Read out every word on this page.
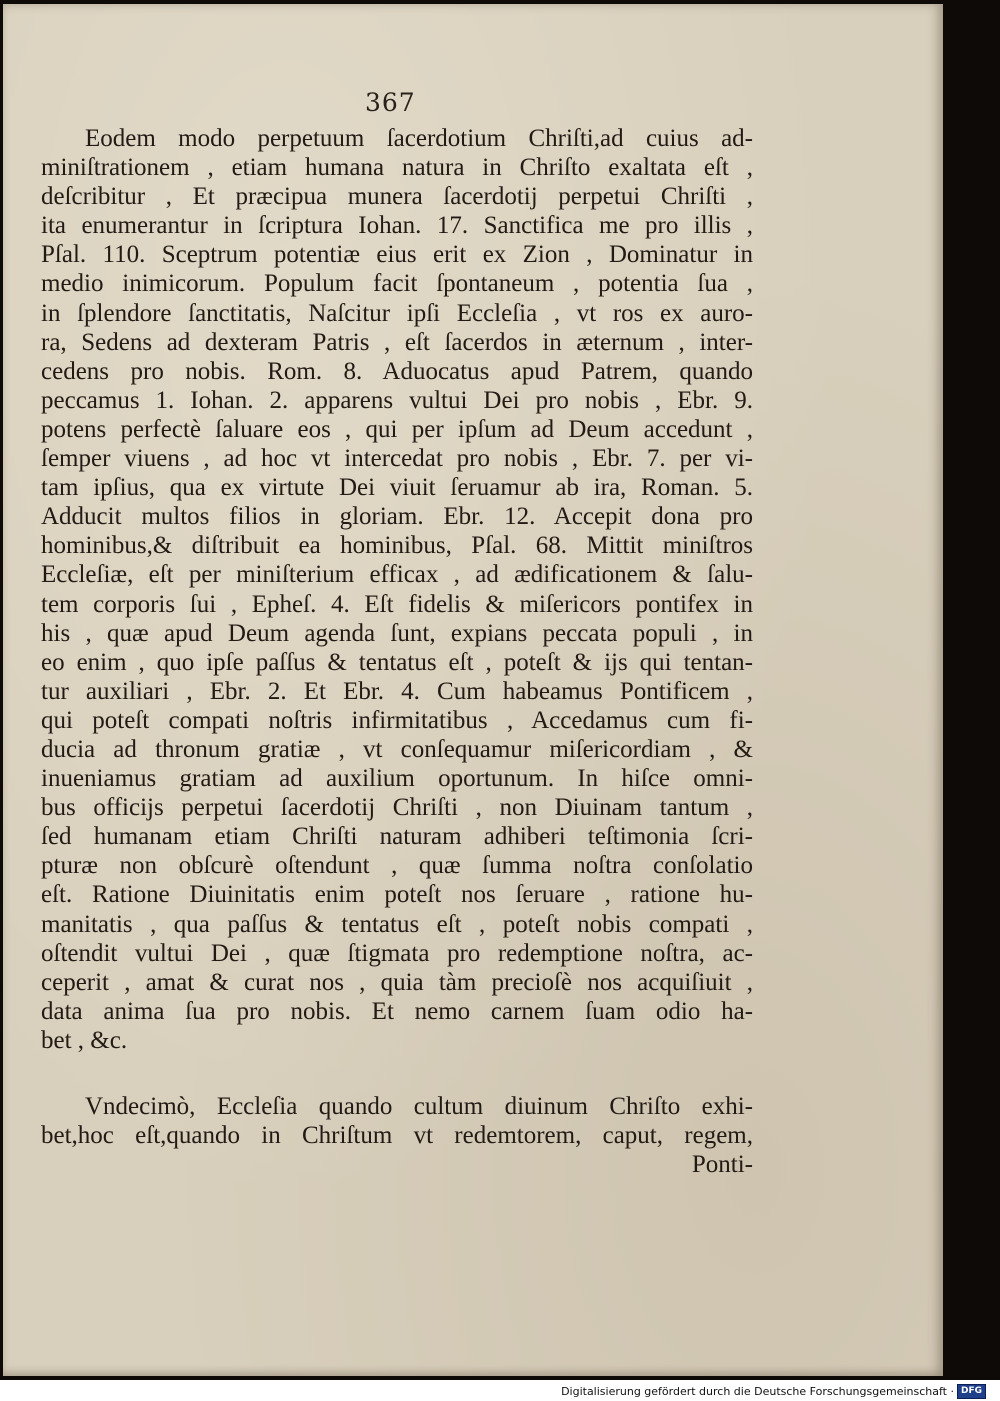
367
Eodem modo perpetuum ſacerdotium Chriſti,ad cuius ad-
miniſtrationem , etiam humana natura in Chriſto exaltata eſt ,
deſcribitur , Et præcipua munera ſacerdotij perpetui Chriſti ,
ita enumerantur in ſcriptura Iohan. 17. Sanctifica me pro illis ,
Pſal. 110. Sceptrum potentiæ eius erit ex Zion , Dominatur in
medio inimicorum. Populum facit ſpontaneum , potentia ſua ,
in ſplendore ſanctitatis, Naſcitur ipſi Eccleſia , vt ros ex auro-
ra, Sedens ad dexteram Patris , eſt ſacerdos in æternum , inter-
cedens pro nobis. Rom. 8. Aduocatus apud Patrem, quando
peccamus 1. Iohan. 2. apparens vultui Dei pro nobis , Ebr. 9.
potens perfectè ſaluare eos , qui per ipſum ad Deum accedunt ,
ſemper viuens , ad hoc vt intercedat pro nobis , Ebr. 7. per vi-
tam ipſius, qua ex virtute Dei viuit ſeruamur ab ira, Roman. 5.
Adducit multos filios in gloriam. Ebr. 12. Accepit dona pro
hominibus,& diſtribuit ea hominibus, Pſal. 68. Mittit miniſtros
Eccleſiæ, eſt per miniſterium efficax , ad ædificationem & ſalu-
tem corporis ſui , Epheſ. 4. Eſt fidelis & miſericors pontifex in
his , quæ apud Deum agenda ſunt, expians peccata populi , in
eo enim , quo ipſe paſſus & tentatus eſt , poteſt & ijs qui tentan-
tur auxiliari , Ebr. 2. Et Ebr. 4. Cum habeamus Pontificem ,
qui poteſt compati noſtris infirmitatibus , Accedamus cum fi-
ducia ad thronum gratiæ , vt conſequamur miſericordiam , &
inueniamus gratiam ad auxilium oportunum. In hiſce omni-
bus officijs perpetui ſacerdotij Chriſti , non Diuinam tantum ,
ſed humanam etiam Chriſti naturam adhiberi teſtimonia ſcri-
pturæ non obſcurè oſtendunt , quæ ſumma noſtra conſolatio
eſt. Ratione Diuinitatis enim poteſt nos ſeruare , ratione hu-
manitatis , qua paſſus & tentatus eſt , poteſt nobis compati ,
oſtendit vultui Dei , quæ ſtigmata pro redemptione noſtra, ac-
ceperit , amat & curat nos , quia tàm precioſè nos acquiſiuit ,
data anima ſua pro nobis. Et nemo carnem ſuam odio ha-
bet , &c.
Vndecimò, Eccleſia quando cultum diuinum Chriſto exhi-
bet,hoc eſt,quando in Chriſtum vt redemtorem, caput, regem,
Ponti-
Digitalisierung gefördert durch die Deutsche Forschungsgemeinschaft · DFG
